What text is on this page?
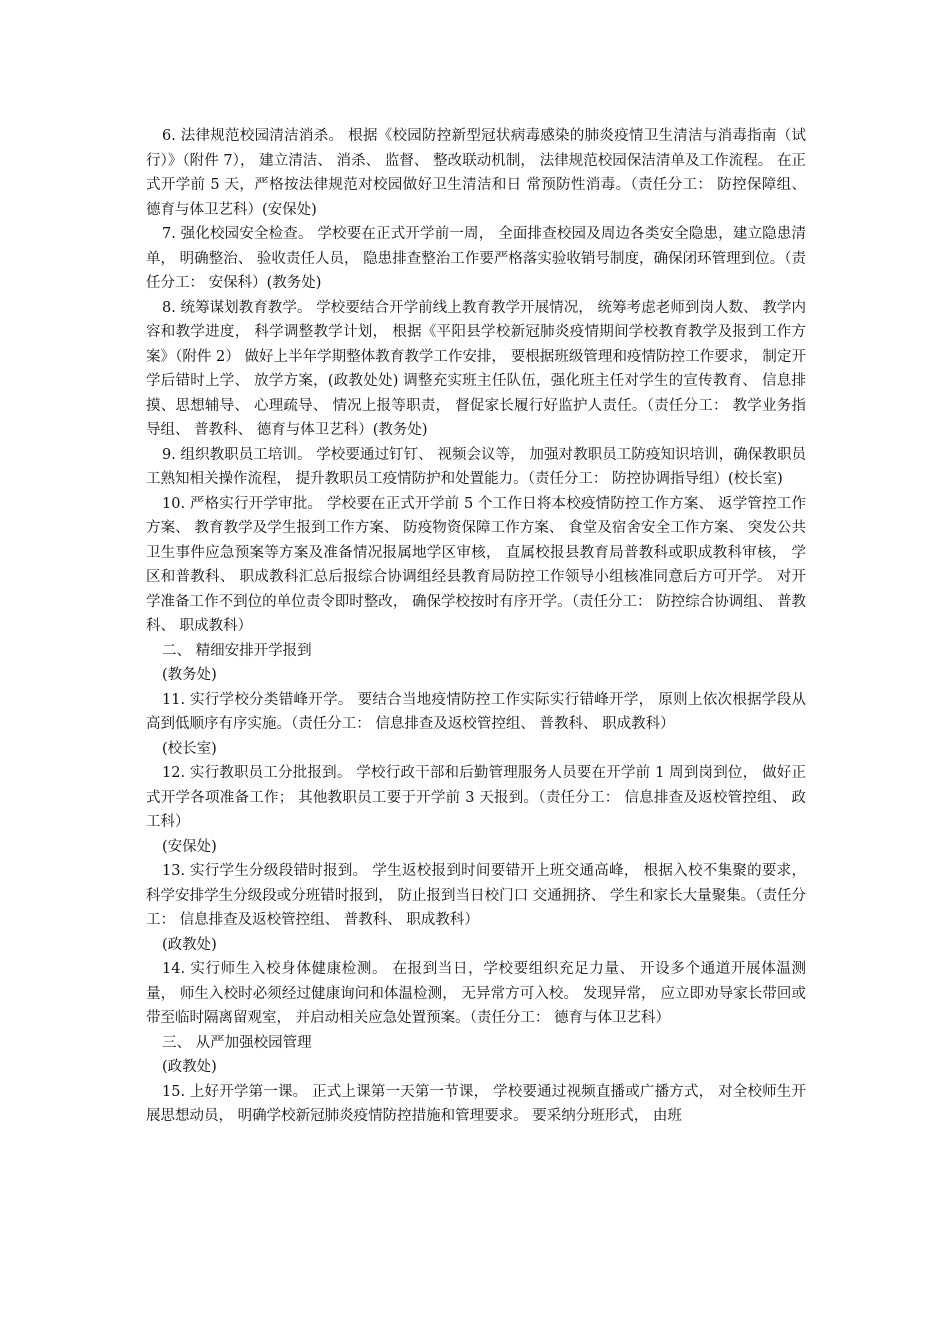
6. 法律规范校园清洁消杀。 根据《校园防控新型冠状病毒感染的肺炎疫情卫生清洁与消毒指南（试行）》（附件 7）， 建立清洁、 消杀、 监督、 整改联动机制， 法律规范校园保洁清单及工作流程。 在正式开学前 5 天，严格按法律规范对校园做好卫生清洁和日 常预防性消毒。（责任分工： 防控保障组、 德育与体卫艺科）(安保处)

7. 强化校园安全检查。 学校要在正式开学前一周， 全面排查校园及周边各类安全隐患，建立隐患清单， 明确整治、 验收责任人员， 隐患排查整治工作要严格落实验收销号制度，确保闭环管理到位。（责任分工： 安保科）(教务处)

8. 统筹谋划教育教学。 学校要结合开学前线上教育教学开展情况， 统筹考虑老师到岗人数、 教学内容和教学进度， 科学调整教学计划， 根据《平阳县学校新冠肺炎疫情期间学校教育教学及报到工作方案》（附件 2） 做好上半年学期整体教育教学工作安排， 要根据班级管理和疫情防控工作要求， 制定开学后错时上学、 放学方案，(政教处处) 调整充实班主任队伍，强化班主任对学生的宣传教育、 信息排摸、思想辅导、 心理疏导、 情况上报等职责， 督促家长履行好监护人责任。（责任分工： 教学业务指导组、 普教科、 德育与体卫艺科）(教务处)

9. 组织教职员工培训。 学校要通过钉钉、 视频会议等， 加强对教职员工防疫知识培训，确保教职员工熟知相关操作流程， 提升教职员工疫情防护和处置能力。（责任分工： 防控协调指导组）(校长室)

10. 严格实行开学审批。 学校要在正式开学前 5 个工作日将本校疫情防控工作方案、 返学管控工作方案、 教育教学及学生报到工作方案、 防疫物资保障工作方案、 食堂及宿舍安全工作方案、 突发公共卫生事件应急预案等方案及准备情况报属地学区审核， 直属校报县教育局普教科或职成教科审核， 学区和普教科、 职成教科汇总后报综合协调组经县教育局防控工作领导小组核准同意后方可开学。 对开学准备工作不到位的单位责令即时整改， 确保学校按时有序开学。（责任分工： 防控综合协调组、 普教科、 职成教科）

二、 精细安排开学报到

(教务处)

11. 实行学校分类错峰开学。 要结合当地疫情防控工作实际实行错峰开学， 原则上依次根据学段从高到低顺序有序实施。（责任分工： 信息排查及返校管控组、 普教科、 职成教科）

(校长室)

12. 实行教职员工分批报到。 学校行政干部和后勤管理服务人员要在开学前 1 周到岗到位， 做好正式开学各项准备工作； 其他教职员工要于开学前 3 天报到。（责任分工： 信息排查及返校管控组、 政工科）

(安保处)

13. 实行学生分级段错时报到。 学生返校报到时间要错开上班交通高峰， 根据入校不集聚的要求， 科学安排学生分级段或分班错时报到， 防止报到当日校门口 交通拥挤、 学生和家长大量聚集。（责任分工： 信息排查及返校管控组、 普教科、 职成教科）

(政教处)

14. 实行师生入校身体健康检测。 在报到当日，学校要组织充足力量、 开设多个通道开展体温测量， 师生入校时必须经过健康询问和体温检测， 无异常方可入校。 发现异常， 应立即劝导家长带回或带至临时隔离留观室， 并启动相关应急处置预案。（责任分工： 德育与体卫艺科）

三、 从严加强校园管理

(政教处)

15. 上好开学第一课。 正式上课第一天第一节课， 学校要通过视频直播或广播方式， 对全校师生开展思想动员， 明确学校新冠肺炎疫情防控措施和管理要求。 要采纳分班形式， 由班
